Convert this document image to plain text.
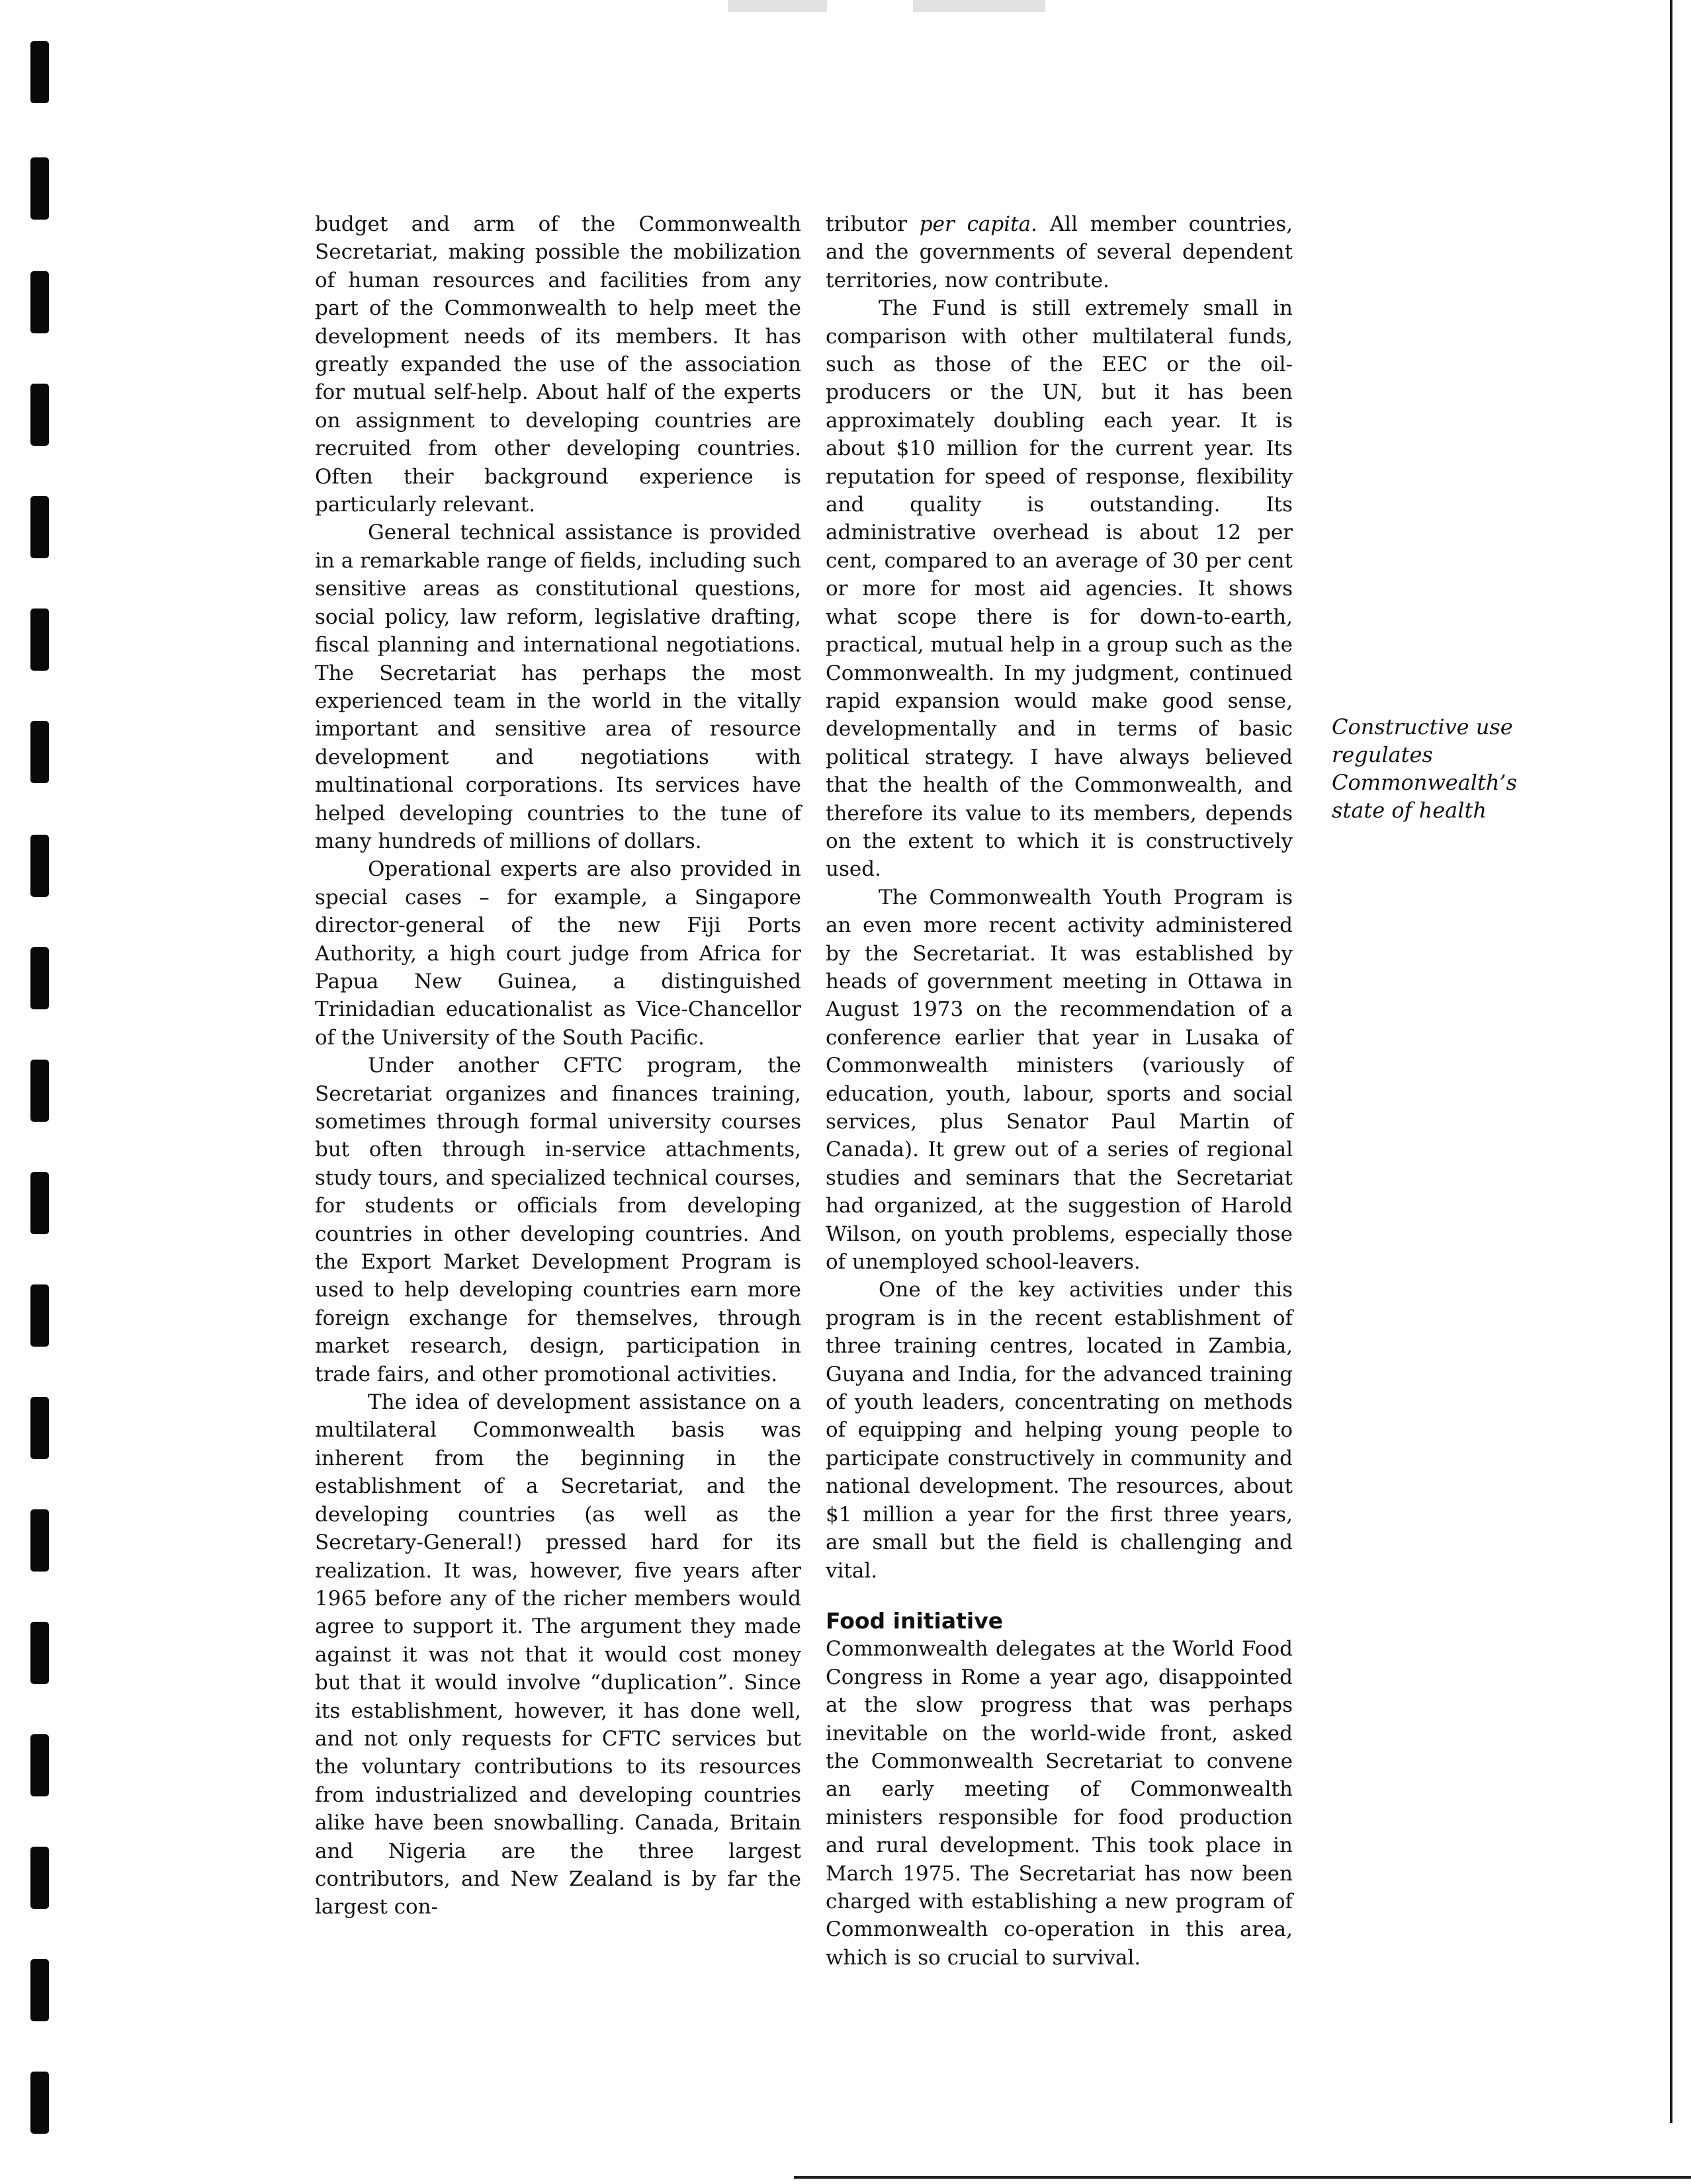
budget and arm of the Commonwealth Secretariat, making possible the mobilization of human resources and facilities from any part of the Commonwealth to help meet the development needs of its members. It has greatly expanded the use of the association for mutual self-help. About half of the experts on assignment to developing countries are recruited from other developing countries. Often their background experience is particularly relevant.

General technical assistance is provided in a remarkable range of fields, including such sensitive areas as constitutional questions, social policy, law reform, legislative drafting, fiscal planning and international negotiations. The Secretariat has perhaps the most experienced team in the world in the vitally important and sensitive area of resource development and negotiations with multinational corporations. Its services have helped developing countries to the tune of many hundreds of millions of dollars.

Operational experts are also provided in special cases – for example, a Singapore director-general of the new Fiji Ports Authority, a high court judge from Africa for Papua New Guinea, a distinguished Trinidadian educationalist as Vice-Chancellor of the University of the South Pacific.

Under another CFTC program, the Secretariat organizes and finances training, sometimes through formal university courses but often through in-service attachments, study tours, and specialized technical courses, for students or officials from developing countries in other developing countries. And the Export Market Development Program is used to help developing countries earn more foreign exchange for themselves, through market research, design, participation in trade fairs, and other promotional activities.

The idea of development assistance on a multilateral Commonwealth basis was inherent from the beginning in the establishment of a Secretariat, and the developing countries (as well as the Secretary-General!) pressed hard for its realization. It was, however, five years after 1965 before any of the richer members would agree to support it. The argument they made against it was not that it would cost money but that it would involve “duplication”. Since its establishment, however, it has done well, and not only requests for CFTC services but the voluntary contributions to its resources from industrialized and developing countries alike have been snowballing. Canada, Britain and Nigeria are the three largest contributors, and New Zealand is by far the largest con-

tributor per capita. All member countries, and the governments of several dependent territories, now contribute.

The Fund is still extremely small in comparison with other multilateral funds, such as those of the EEC or the oil-producers or the UN, but it has been approximately doubling each year. It is about $10 million for the current year. Its reputation for speed of response, flexibility and quality is outstanding. Its administrative overhead is about 12 per cent, compared to an average of 30 per cent or more for most aid agencies. It shows what scope there is for down-to-earth, practical, mutual help in a group such as the Commonwealth. In my judgment, continued rapid expansion would make good sense, developmentally and in terms of basic political strategy. I have always believed that the health of the Commonwealth, and therefore its value to its members, depends on the extent to which it is constructively used.

The Commonwealth Youth Program is an even more recent activity administered by the Secretariat. It was established by heads of government meeting in Ottawa in August 1973 on the recommendation of a conference earlier that year in Lusaka of Commonwealth ministers (variously of education, youth, labour, sports and social services, plus Senator Paul Martin of Canada). It grew out of a series of regional studies and seminars that the Secretariat had organized, at the suggestion of Harold Wilson, on youth problems, especially those of unemployed school-leavers.

One of the key activities under this program is in the recent establishment of three training centres, located in Zambia, Guyana and India, for the advanced training of youth leaders, concentrating on methods of equipping and helping young people to participate constructively in community and national development. The resources, about $1 million a year for the first three years, are small but the field is challenging and vital.

Food initiative

Commonwealth delegates at the World Food Congress in Rome a year ago, disappointed at the slow progress that was perhaps inevitable on the world-wide front, asked the Commonwealth Secretariat to convene an early meeting of Commonwealth ministers responsible for food production and rural development. This took place in March 1975. The Secretariat has now been charged with establishing a new program of Commonwealth co-operation in this area, which is so crucial to survival.

Constructive use
regulates
Commonwealth’s
state of health
